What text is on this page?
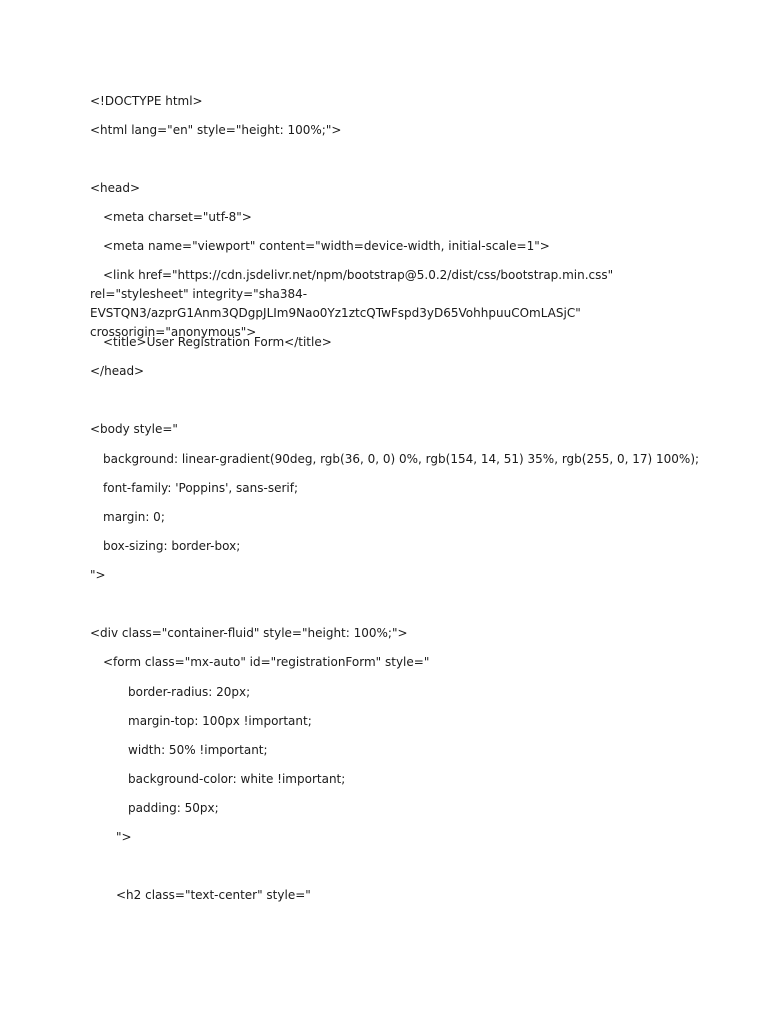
<!DOCTYPE html>

<html lang="en" style="height: 100%;">

<head>

<meta charset="utf-8">

<meta name="viewport" content="width=device-width, initial-scale=1">

<link href="https://cdn.jsdelivr.net/npm/bootstrap@5.0.2/dist/css/bootstrap.min.css" rel="stylesheet" integrity="sha384-EVSTQN3/azprG1Anm3QDgpJLIm9Nao0Yz1ztcQTwFspd3yD65VohhpuuCOmLASjC" crossorigin="anonymous">

<title>User Registration Form</title>

</head>

<body style="

background: linear-gradient(90deg, rgb(36, 0, 0) 0%, rgb(154, 14, 51) 35%, rgb(255, 0, 17) 100%);

font-family: 'Poppins', sans-serif;

margin: 0;

box-sizing: border-box;

">

<div class="container-fluid" style="height: 100%;">

<form class="mx-auto" id="registrationForm" style="

border-radius: 20px;

margin-top: 100px !important;

width: 50% !important;

background-color: white !important;

padding: 50px;

">

<h2 class="text-center" style="
